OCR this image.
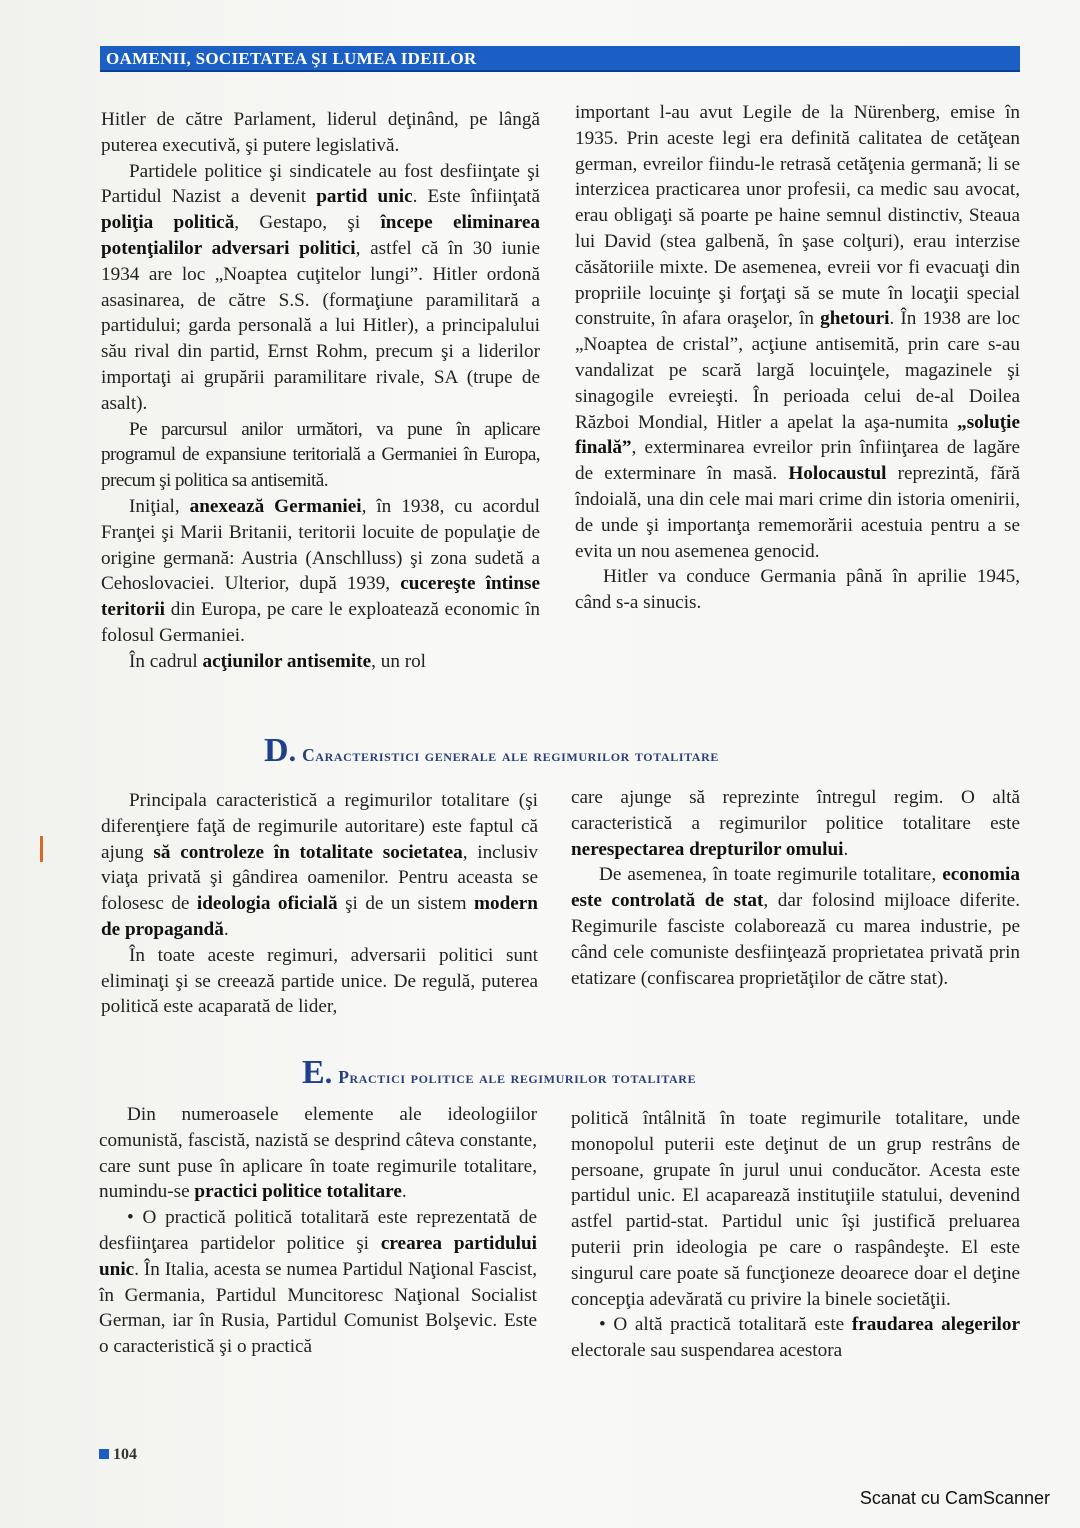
OAMENII, SOCIETATEA ŞI LUMEA IDEILOR

Hitler de către Parlament, liderul deţinând, pe lângă puterea executivă, şi putere legislativă.

Partidele politice şi sindicatele au fost desfiinţate şi Partidul Nazist a devenit partid unic. Este înfiinţată poliţia politică, Gestapo, şi începe eliminarea potenţialilor adversari politici, astfel că în 30 iunie 1934 are loc „Noaptea cuţitelor lungi”. Hitler ordonă asasinarea, de către S.S. (formaţiune paramilitară a partidului; garda personală a lui Hitler), a principalului său rival din partid, Ernst Rohm, precum şi a liderilor importaţi ai grupării paramilitare rivale, SA (trupe de asalt).

Pe parcursul anilor următori, va pune în aplicare programul de expansiune teritorială a Germaniei în Europa, precum şi politica sa antisemită.

Iniţial, anexează Germaniei, în 1938, cu acordul Franţei şi Marii Britanii, teritorii locuite de populaţie de origine germană: Austria (Anschlluss) şi zona sudetă a Cehoslovaciei. Ulterior, după 1939, cucereşte întinse teritorii din Europa, pe care le exploatează economic în folosul Germaniei.

În cadrul acţiunilor antisemite, un rol

important l-au avut Legile de la Nürenberg, emise în 1935. Prin aceste legi era definită calitatea de cetăţean german, evreilor fiindu-le retrasă cetăţenia germană; li se interzicea practicarea unor profesii, ca medic sau avocat, erau obligaţi să poarte pe haine semnul distinctiv, Steaua lui David (stea galbenă, în şase colţuri), erau interzise căsătoriile mixte. De asemenea, evreii vor fi evacuaţi din propriile locuinţe şi forţaţi să se mute în locaţii special construite, în afara oraşelor, în ghetouri. În 1938 are loc „Noaptea de cristal”, acţiune antisemită, prin care s-au vandalizat pe scară largă locuinţele, magazinele şi sinagogile evreieşti. În perioada celui de-al Doilea Război Mondial, Hitler a apelat la aşa-numita „soluţie finală”, exterminarea evreilor prin înfiinţarea de lagăre de exterminare în masă. Holocaustul reprezintă, fără îndoială, una din cele mai mari crime din istoria omenirii, de unde şi importanţa rememorării acestuia pentru a se evita un nou asemenea genocid.

Hitler va conduce Germania până în aprilie 1945, când s-a sinucis.

D. Caracteristici generale ale regimurilor totalitare

Principala caracteristică a regimurilor totalitare (şi diferenţiere faţă de regimurile autoritare) este faptul că ajung să controleze în totalitate societatea, inclusiv viaţa privată şi gândirea oamenilor. Pentru aceasta se folosesc de ideologia oficială şi de un sistem modern de propagandă.

În toate aceste regimuri, adversarii politici sunt eliminaţi şi se creează partide unice. De regulă, puterea politică este acaparată de lider,

care ajunge să reprezinte întregul regim. O altă caracteristică a regimurilor politice totalitare este nerespectarea drepturilor omului.

De asemenea, în toate regimurile totalitare, economia este controlată de stat, dar folosind mijloace diferite. Regimurile fasciste colaborează cu marea industrie, pe când cele comuniste desfiinţează proprietatea privată prin etatizare (confiscarea proprietăţilor de către stat).

E. Practici politice ale regimurilor totalitare

Din numeroasele elemente ale ideologiilor comunistă, fascistă, nazistă se desprind câteva constante, care sunt puse în aplicare în toate regimurile totalitare, numindu-se practici politice totalitare.

• O practică politică totalitară este reprezentată de desfiinţarea partidelor politice şi crearea partidului unic. În Italia, acesta se numea Partidul Naţional Fascist, în Germania, Partidul Muncitoresc Naţional Socialist German, iar în Rusia, Partidul Comunist Bolşevic. Este o caracteristică şi o practică

politică întâlnită în toate regimurile totalitare, unde monopolul puterii este deţinut de un grup restrâns de persoane, grupate în jurul unui conducător. Acesta este partidul unic. El acaparează instituţiile statului, devenind astfel partid-stat. Partidul unic îşi justifică preluarea puterii prin ideologia pe care o raspândeşte. El este singurul care poate să funcţioneze deoarece doar el deţine concepţia adevărată cu privire la binele societăţii.

• O altă practică totalitară este fraudarea alegerilor electorale sau suspendarea acestora

104
Scanat cu CamScanner
